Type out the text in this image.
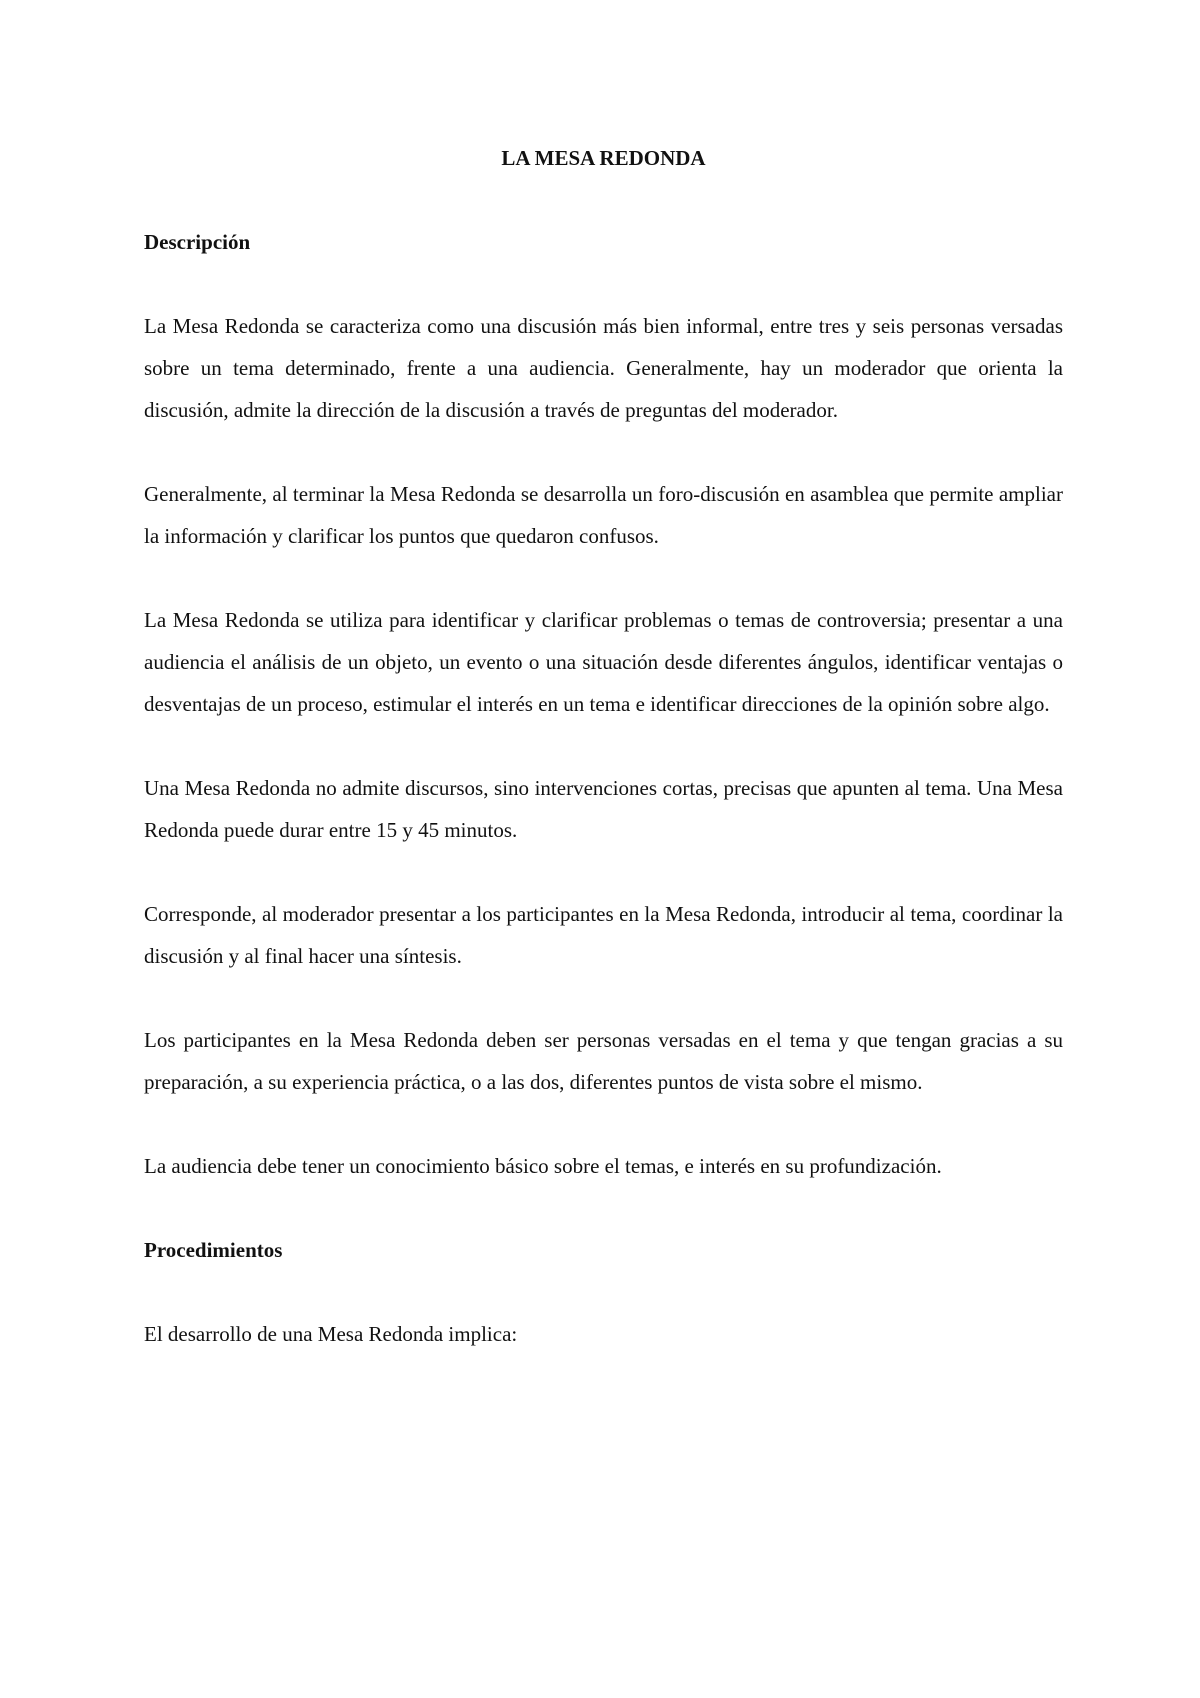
LA MESA REDONDA
Descripción

La Mesa Redonda se caracteriza como una discusión más bien informal, entre tres y seis personas versadas sobre un tema determinado, frente a una audiencia. Generalmente, hay un moderador que orienta la discusión, admite la dirección de la discusión a través de preguntas del moderador.

Generalmente, al terminar la Mesa Redonda se desarrolla un foro-discusión en asamblea que permite ampliar la información y clarificar los puntos que quedaron confusos.

La Mesa Redonda se utiliza para identificar y clarificar problemas o temas de controversia; presentar a una audiencia el análisis de un objeto, un evento o una situación desde diferentes ángulos, identificar ventajas o desventajas de un proceso, estimular el interés en un tema e identificar direcciones de la opinión sobre algo.

Una Mesa Redonda no admite discursos, sino intervenciones cortas, precisas que apunten al tema. Una Mesa Redonda puede durar entre 15 y 45 minutos.

Corresponde, al moderador presentar a los participantes en la Mesa Redonda, introducir al tema, coordinar la discusión y al final hacer una síntesis.

Los participantes en la Mesa Redonda deben ser personas versadas en el tema y que tengan gracias a su preparación, a su experiencia práctica, o a las dos, diferentes puntos de vista sobre el mismo.

La audiencia debe tener un conocimiento básico sobre el temas, e interés en su profundización.

Procedimientos

El desarrollo de una Mesa Redonda implica:
